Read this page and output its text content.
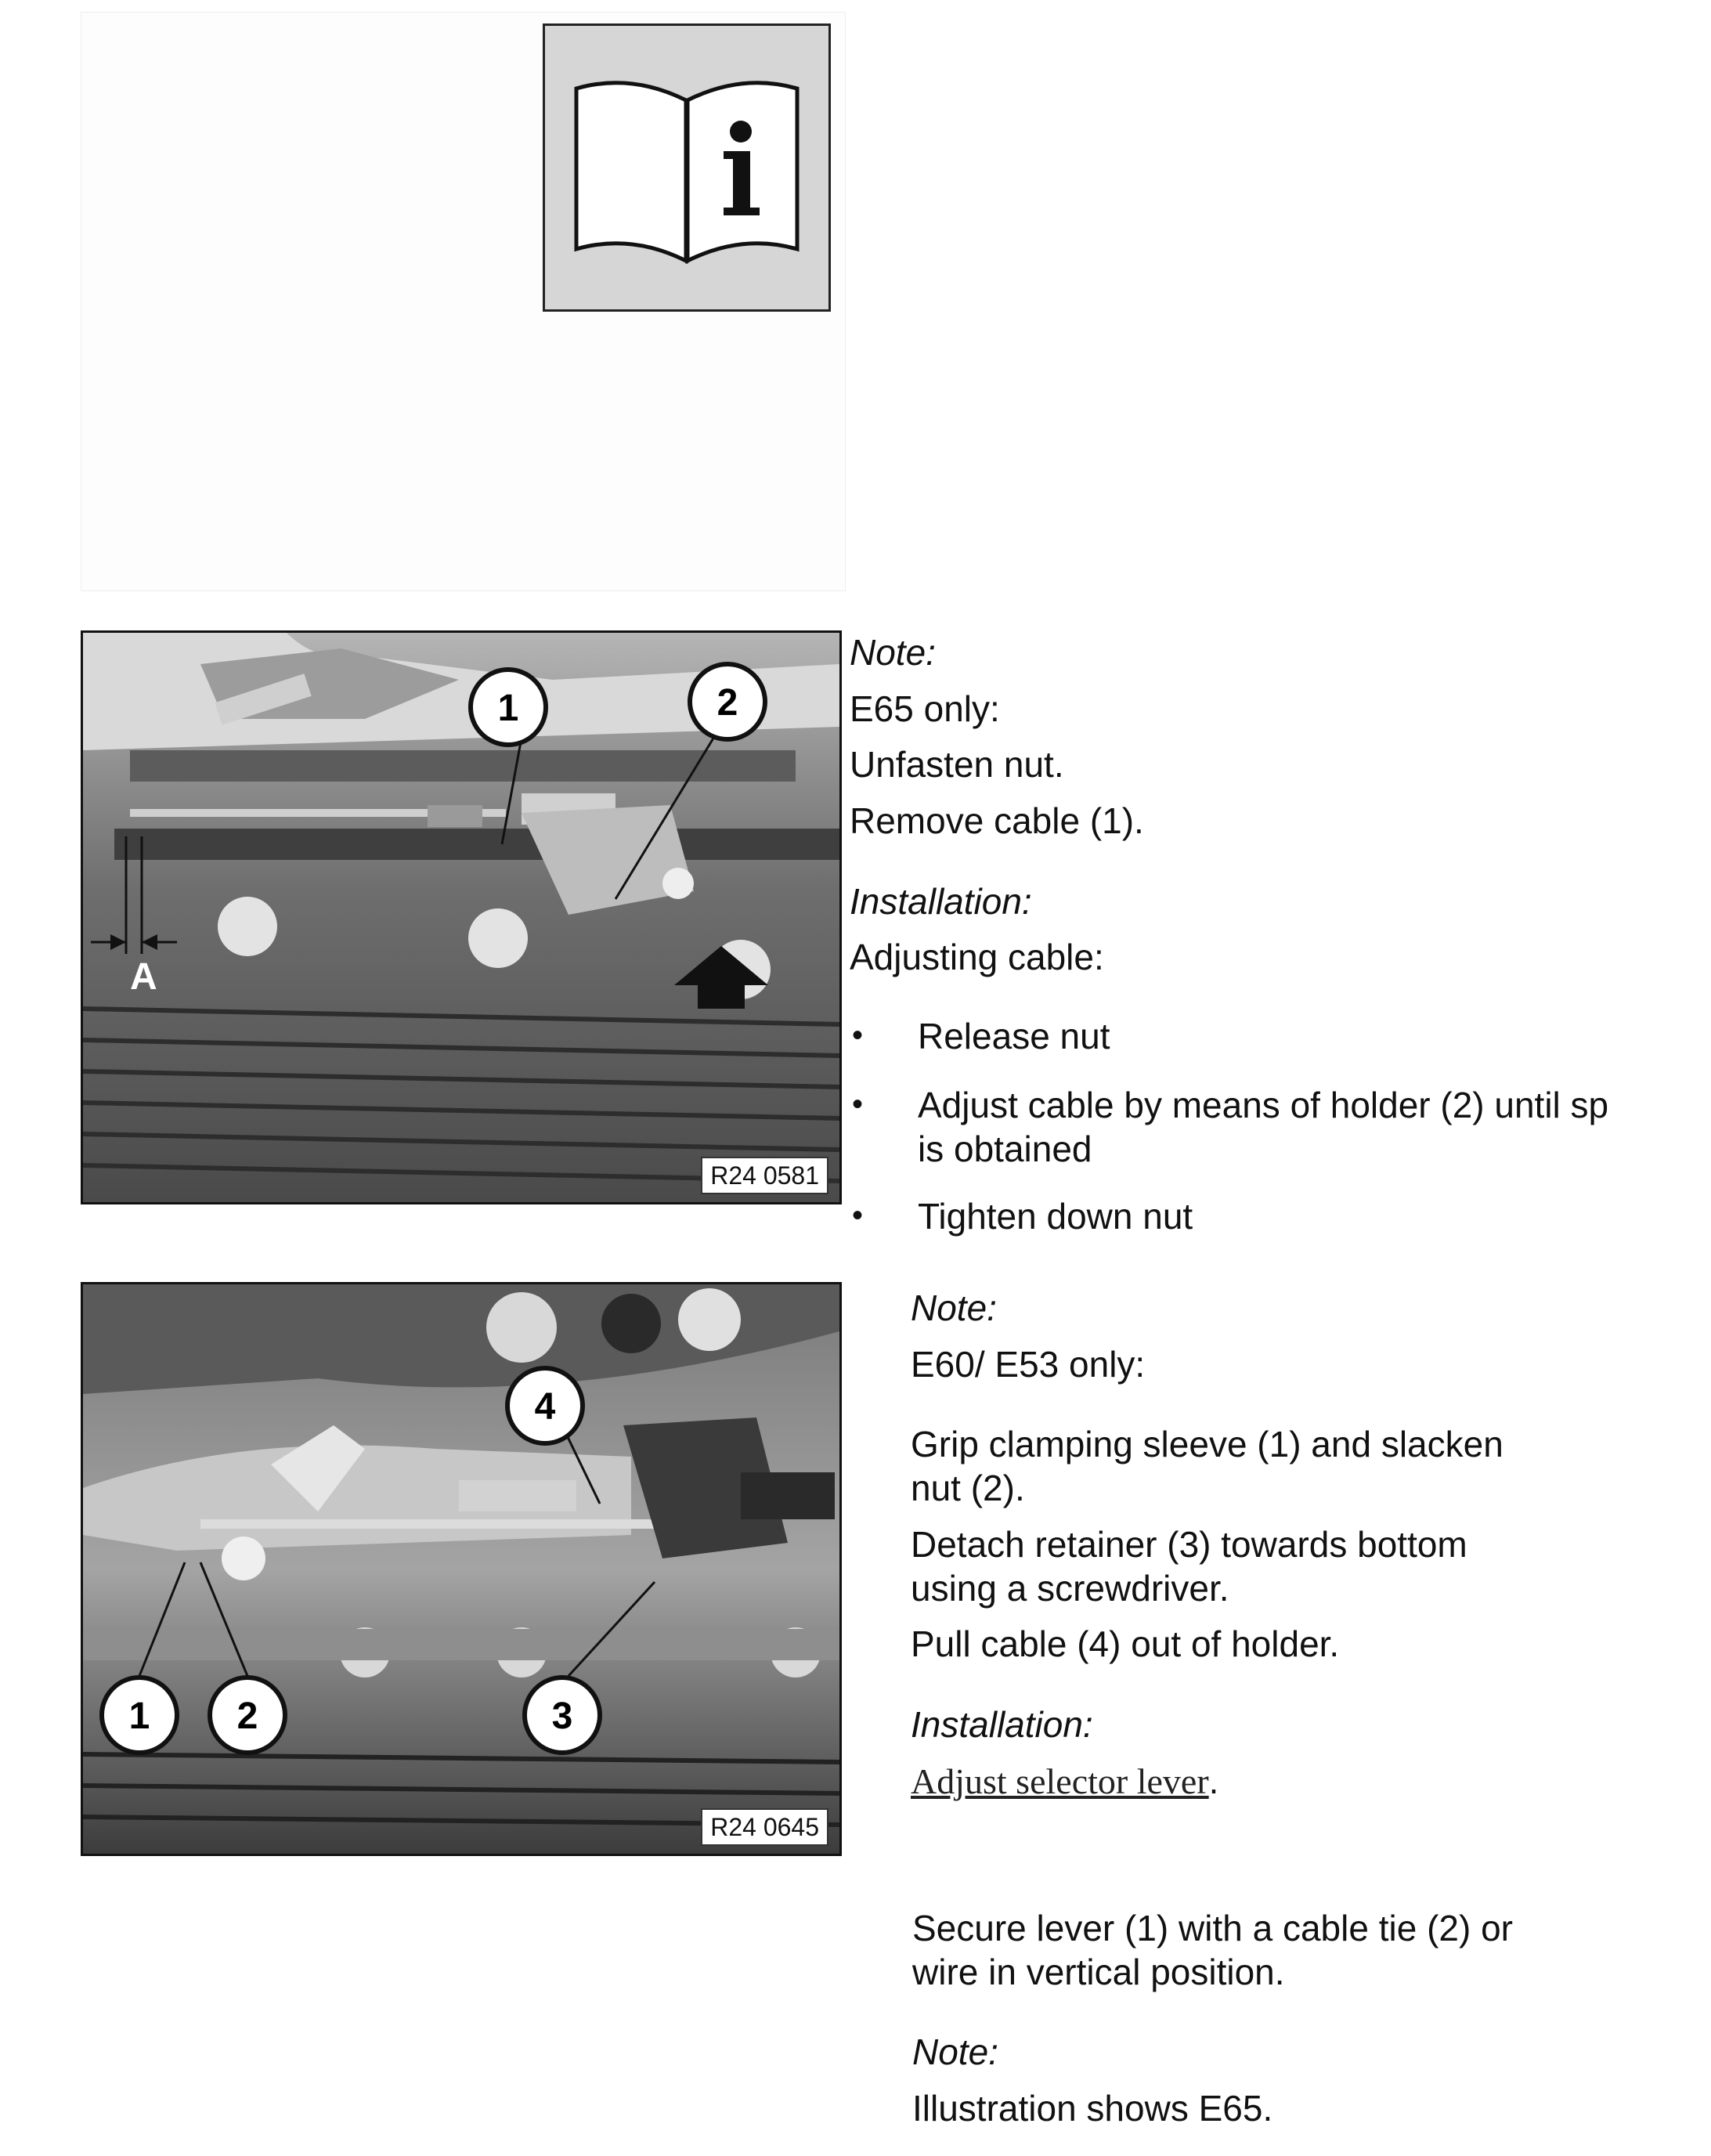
1	2
A
R24 0581
4
1 2	3
R24 0645
Note:
E65 only:
Unfasten nut.
Remove cable (1).
Installation:
Adjusting cable:
• Release nut
• Adjust cable by means of holder (2) until sp
is obtained
• Tighten down nut
Note:
E60/ E53 only:
Grip clamping sleeve (1) and slacken
nut (2).
Detach retainer (3) towards bottom
using a screwdriver.
Pull cable (4) out of holder.
Installation:
Adjust selector lever.
Secure lever (1) with a cable tie (2) or
wire in vertical position.
Note:
Illustration shows E65.
